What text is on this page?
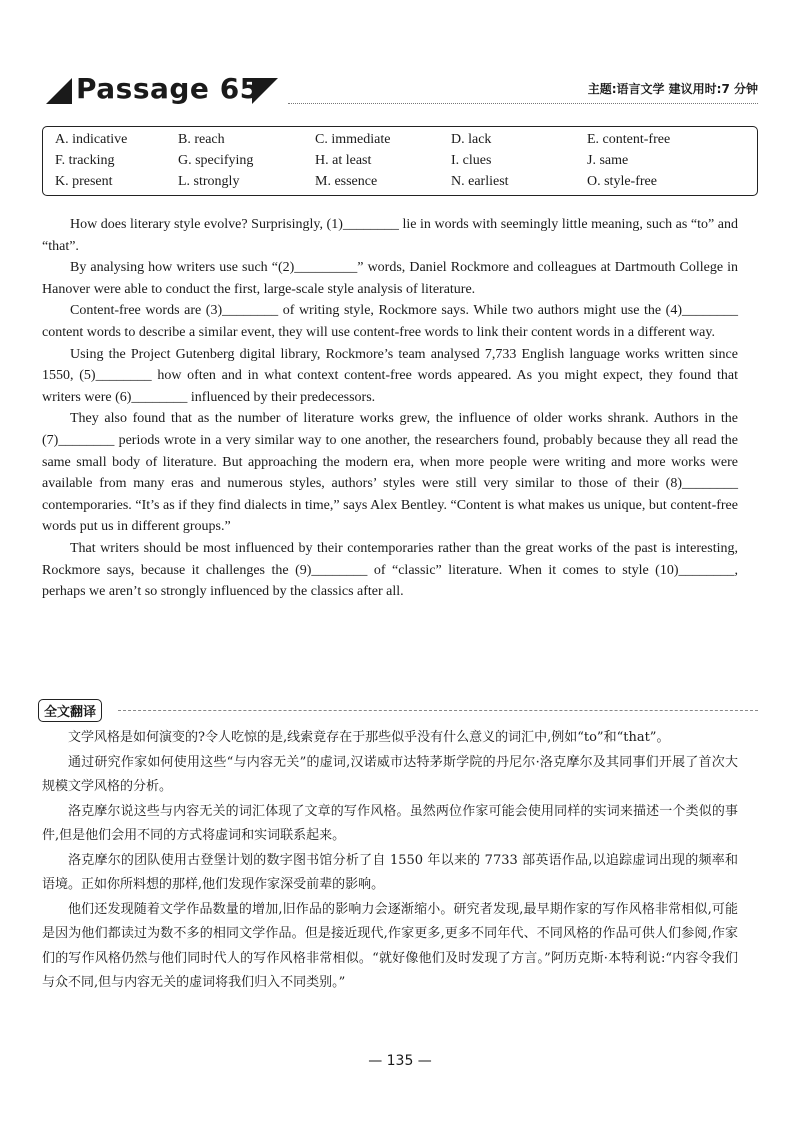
Passage 65	主题:语言文学 建议用时:7 分钟
A. indicative	B. reach	C. immediate	D. lack	E. content-free
F. tracking	G. specifying	H. at least	I. clues	J. same
K. present	L. strongly	M. essence	N. earliest	O. style-free

How does literary style evolve? Surprisingly, (1)________ lie in words with seemingly little meaning, such as “to” and “that”.

By analysing how writers use such “(2)_________” words, Daniel Rockmore and colleagues at Dartmouth College in Hanover were able to conduct the first, large-scale style analysis of literature.

Content-free words are (3)________ of writing style, Rockmore says. While two authors might use the (4)________ content words to describe a similar event, they will use content-free words to link their content words in a different way.

Using the Project Gutenberg digital library, Rockmore’s team analysed 7,733 English language works written since 1550, (5)________ how often and in what context content-free words appeared. As you might expect, they found that writers were (6)________ influenced by their predecessors.

They also found that as the number of literature works grew, the influence of older works shrank. Authors in the (7)________ periods wrote in a very similar way to one another, the researchers found, probably because they all read the same small body of literature. But approaching the modern era, when more people were writing and more works were available from many eras and numerous styles, authors’ styles were still very similar to those of their (8)________ contemporaries. “It’s as if they find dialects in time,” says Alex Bentley. “Content is what makes us unique, but content-free words put us in different groups.”

That writers should be most influenced by their contemporaries rather than the great works of the past is interesting, Rockmore says, because it challenges the (9)________ of “classic” literature. When it comes to style (10)________, perhaps we aren’t so strongly influenced by the classics after all.

全文翻译

文学风格是如何演变的?令人吃惊的是,线索竟存在于那些似乎没有什么意义的词汇中,例如“to”和“that”。

通过研究作家如何使用这些“与内容无关”的虚词,汉诺威市达特茅斯学院的丹尼尔·洛克摩尔及其同事们开展了首次大规模文学风格的分析。

洛克摩尔说这些与内容无关的词汇体现了文章的写作风格。虽然两位作家可能会使用同样的实词来描述一个类似的事件,但是他们会用不同的方式将虚词和实词联系起来。

洛克摩尔的团队使用古登堡计划的数字图书馆分析了自 1550 年以来的 7733 部英语作品,以追踪虚词出现的频率和语境。正如你所料想的那样,他们发现作家深受前辈的影响。

他们还发现随着文学作品数量的增加,旧作品的影响力会逐渐缩小。研究者发现,最早期作家的写作风格非常相似,可能是因为他们都读过为数不多的相同文学作品。但是接近现代,作家更多,更多不同年代、不同风格的作品可供人们参阅,作家们的写作风格仍然与他们同时代人的写作风格非常相似。“就好像他们及时发现了方言。”阿历克斯·本特利说:“内容令我们与众不同,但与内容无关的虚词将我们归入不同类别。”

— 135 —
